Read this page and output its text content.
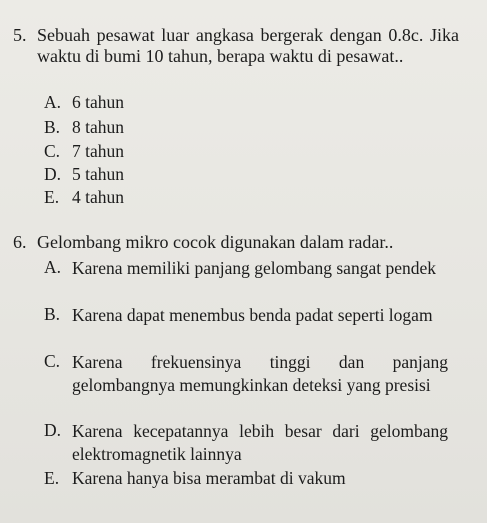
5. Sebuah pesawat luar angkasa bergerak dengan 0.8c. Jika waktu di bumi 10 tahun, berapa waktu di pesawat..
A. 6 tahun
B. 8 tahun
C. 7 tahun
D. 5 tahun
E. 4 tahun
6. Gelombang mikro cocok digunakan dalam radar..
A. Karena memiliki panjang gelombang sangat pendek
B. Karena dapat menembus benda padat seperti logam
C. Karena frekuensinya tinggi dan panjang gelombangnya memungkinkan deteksi yang presisi
D. Karena kecepatannya lebih besar dari gelombang elektromagnetik lainnya
E. Karena hanya bisa merambat di vakum
